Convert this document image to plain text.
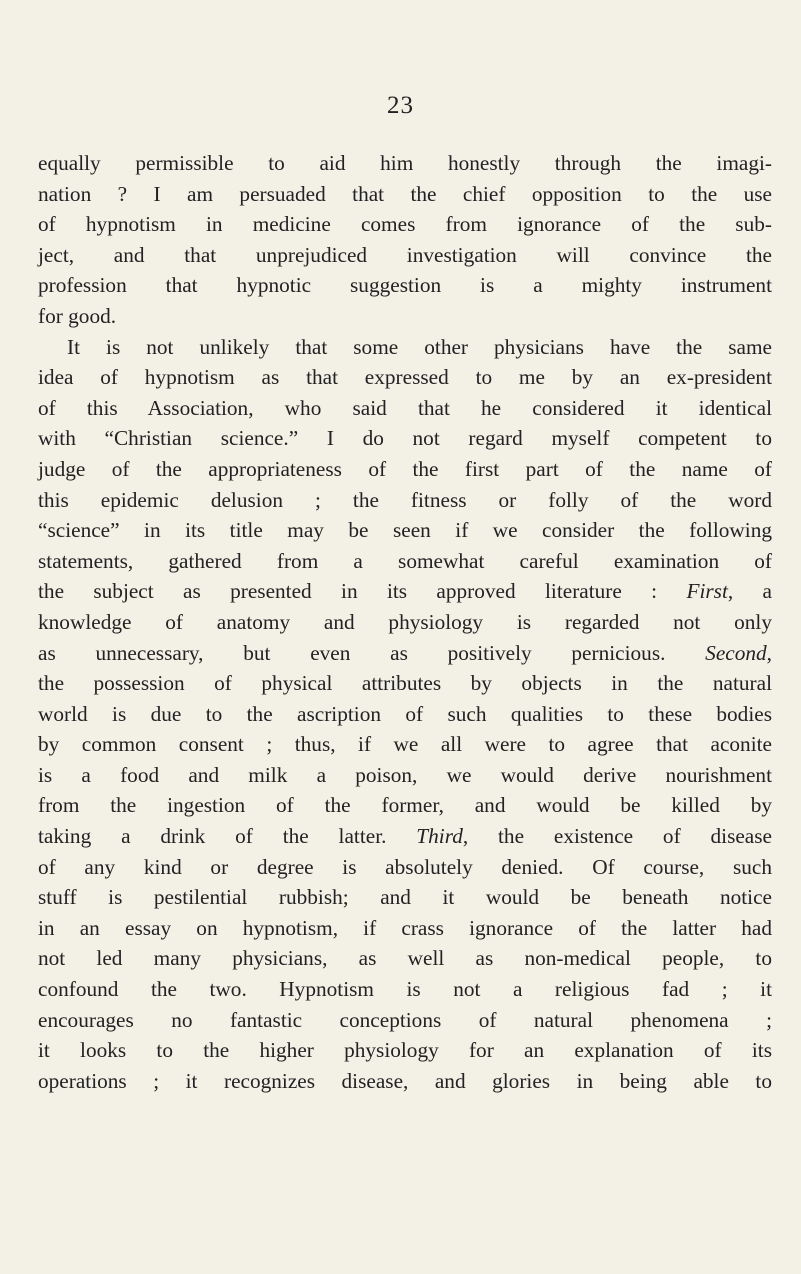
23
equally permissible to aid him honestly through the imagi-
nation ? I am persuaded that the chief opposition to the use
of hypnotism in medicine comes from ignorance of the sub-
ject, and that unprejudiced investigation will convince the
profession that hypnotic suggestion is a mighty instrument
for good.
It is not unlikely that some other physicians have the same
idea of hypnotism as that expressed to me by an ex-president
of this Association, who said that he considered it identical
with “Christian science.” I do not regard myself competent to
judge of the appropriateness of the first part of the name of
this epidemic delusion ; the fitness or folly of the word
“science” in its title may be seen if we consider the following
statements, gathered from a somewhat careful examination of
the subject as presented in its approved literature : First, a
knowledge of anatomy and physiology is regarded not only
as unnecessary, but even as positively pernicious. Second,
the possession of physical attributes by objects in the natural
world is due to the ascription of such qualities to these bodies
by common consent ; thus, if we all were to agree that aconite
is a food and milk a poison, we would derive nourishment
from the ingestion of the former, and would be killed by
taking a drink of the latter. Third, the existence of disease
of any kind or degree is absolutely denied. Of course, such
stuff is pestilential rubbish; and it would be beneath notice
in an essay on hypnotism, if crass ignorance of the latter had
not led many physicians, as well as non-medical people, to
confound the two. Hypnotism is not a religious fad ; it
encourages no fantastic conceptions of natural phenomena ;
it looks to the higher physiology for an explanation of its
operations ; it recognizes disease, and glories in being able to
